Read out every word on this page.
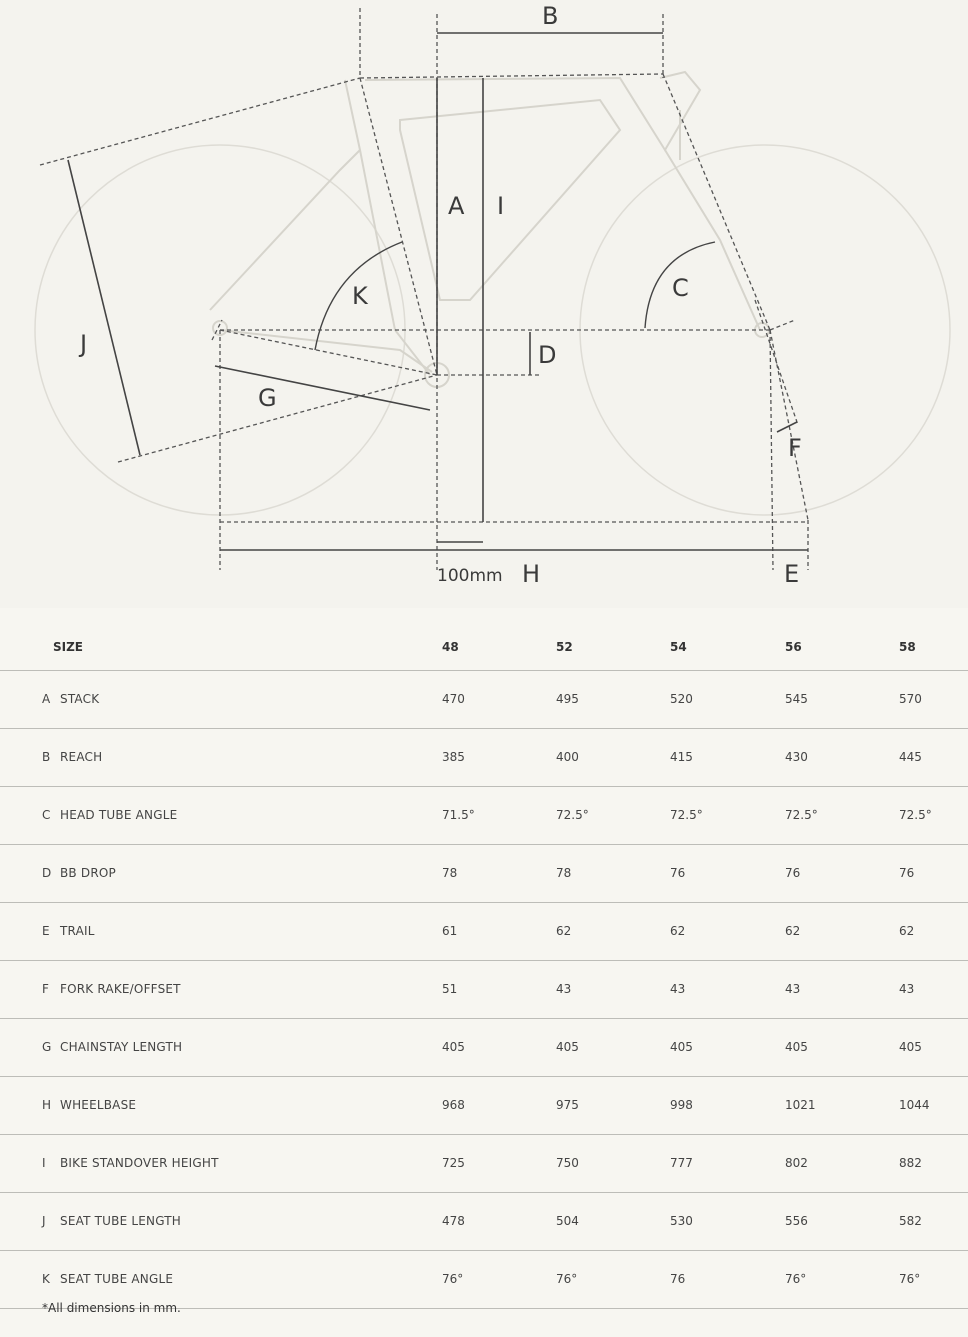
B
A I
C
K
J	D
G
F
100mm H	E
SIZE	48	52	54	56	58
A STACK	470	495	520	545	570
B REACH	385	400	415	430	445
C HEAD TUBE ANGLE	71.5°	72.5°	72.5°	72.5°	72.5°
D BB DROP	78	78	76	76	76
E TRAIL	61	62	62	62	62
F FORK RAKE/OFFSET	51	43	43	43	43
G CHAINSTAY LENGTH	405	405	405	405	405
H WHEELBASE	968	975	998	1021	1044
I BIKE STANDOVER HEIGHT	725	750	777	802	882
J SEAT TUBE LENGTH	478	504	530	556	582
K SEAT TUBE ANGLE	76°	76°	76	76°	76°
*All dimensions in mm.
